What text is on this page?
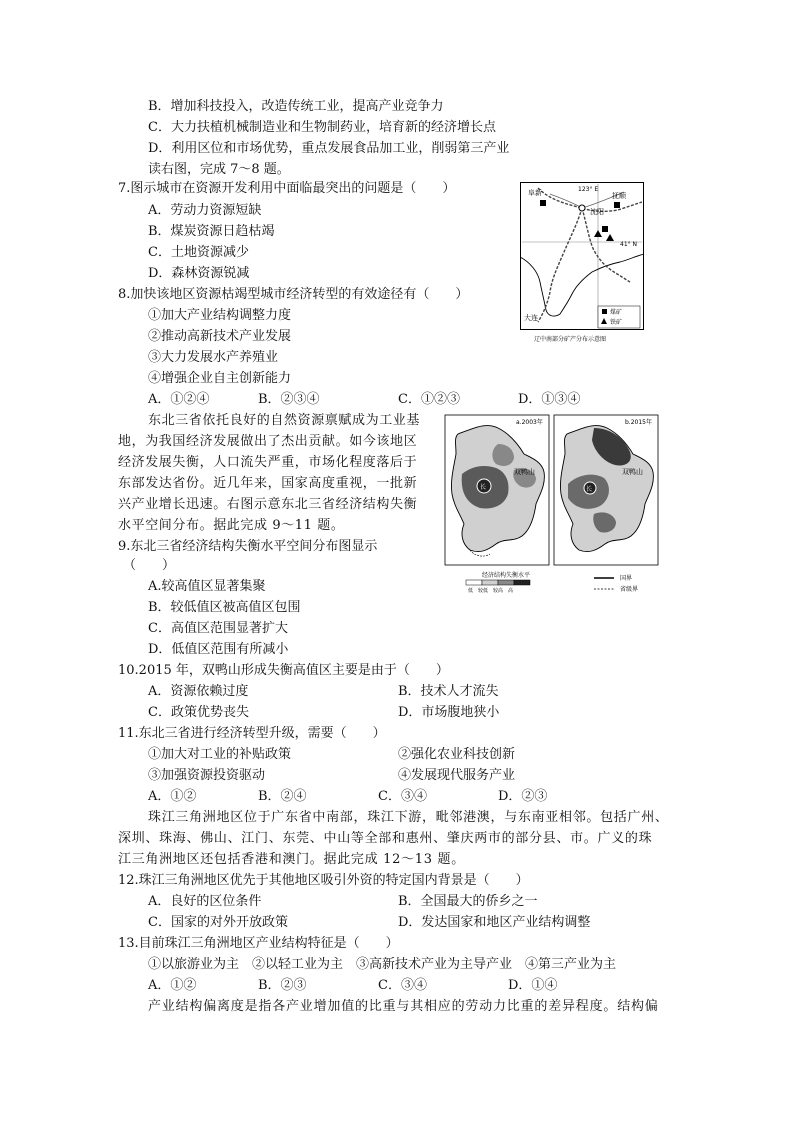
B．增加科技投入，改造传统工业，提高产业竞争力
C．大力扶植机械制造业和生物制药业，培育新的经济增长点
D．利用区位和市场优势，重点发展食品加工业，削弱第三产业
读右图，完成 7～8 题。
7.图示城市在资源开发利用中面临最突出的问题是（　　）
A．劳动力资源短缺
B．煤炭资源日趋枯竭
C．土地资源减少
D．森林资源锐减
8.加快该地区资源枯竭型城市经济转型的有效途径有（　　）
①加大产业结构调整力度
②推动高新技术产业发展
③大力发展水产养殖业
④增强企业自主创新能力
A．①②④	B．②③④	C．①②③	D．①③④
东北三省依托良好的自然资源禀赋成为工业基
地，为我国经济发展做出了杰出贡献。如今该地区
经济发展失衡，人口流失严重，市场化程度落后于
东部发达省份。近几年来，国家高度重视，一批新
兴产业增长迅速。右图示意东北三省经济结构失衡
水平空间分布。据此完成 9～11 题。
9.东北三省经济结构失衡水平空间分布图显示
（　　）
A.较高值区显著集聚
B．较低值区被高值区包围
C．高值区范围显著扩大
D．低值区范围有所减小
10.2015 年，双鸭山形成失衡高值区主要是由于（　　）
A．资源依赖过度	B．技术人才流失
C．政策优势丧失	D．市场腹地狭小
11.东北三省进行经济转型升级，需要（　　）
①加大对工业的补贴政策	②强化农业科技创新
③加强资源投资驱动	④发展现代服务产业
A．①②	B．②④	C．③④	D．②③
珠江三角洲地区位于广东省中南部，珠江下游，毗邻港澳，与东南亚相邻。包括广州、
深圳、珠海、佛山、江门、东莞、中山等全部和惠州、肇庆两市的部分县、市。广义的珠
江三角洲地区还包括香港和澳门。据此完成 12～13 题。
12.珠江三角洲地区优先于其他地区吸引外资的特定国内背景是（　　）
A．良好的区位条件	B．全国最大的侨乡之一
C．国家的对外开放政策	D．发达国家和地区产业结构调整
13.目前珠江三角洲地区产业结构特征是（　　）
①以旅游业为主　②以轻工业为主　③高新技术产业为主导产业　④第三产业为主
A．①②	B．②③	C．③④	D．①④
产业结构偏离度是指各产业增加值的比重与其相应的劳动力比重的差异程度。结构偏
阜新	123° E
抚顺
沈阳
41° N
大连
煤矿
铁矿
辽中南部分矿产分布示意图
a.2003年
长
双鸭山
b.2015年
长
双鸭山
经济结构失衡水平
低　较低　较高　高
国界
省级界
